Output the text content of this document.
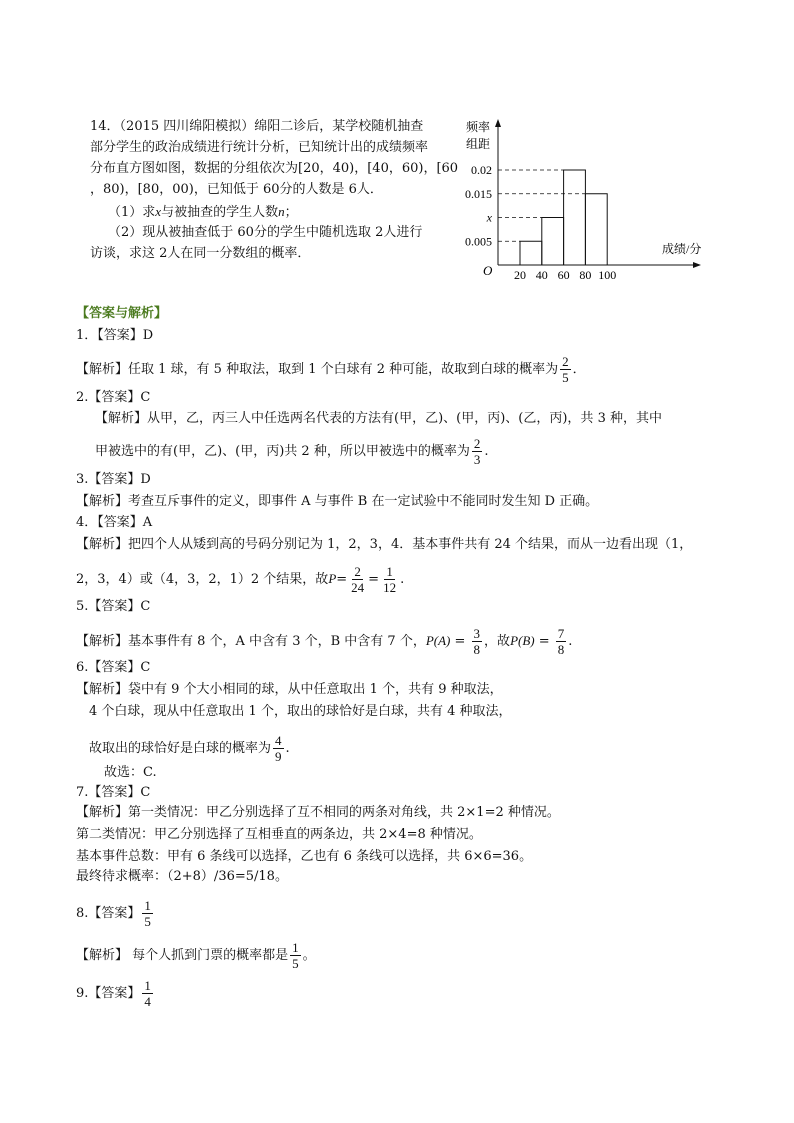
14．（2015 四川绵阳模拟）绵阳二诊后，某学校随机抽查
部分学生的政治成绩进行统计分析，已知统计出的成绩频率
分布直方图如图，数据的分组依次为[20，40)，[40，60)，[60
，80)，[80，00)，已知低于 60分的人数是 6人．
（1）求x与被抽查的学生人数n；
（2）现从被抽查低于 60分的学生中随机选取 2人进行
访谈，求这 2人在同一分数组的概率．
频率
组距
O
成绩/分
0.005
x
0.015
0.02
20 40 60 80 100
【答案与解析】
1．【答案】D
【解析】任取 1 球，有 5 种取法，取到 1 个白球有 2 种可能，故取到白球的概率为 $\frac{2}{5}$ ．
2.【答案】C
【解析】从甲，乙，丙三人中任选两名代表的方法有(甲，乙)、(甲，丙)、(乙，丙)，共 3 种，其中
甲被选中的有(甲，乙)、(甲，丙)共 2 种，所以甲被选中的概率为 $\frac{2}{3}$ .
3.【答案】D
【解析】考查互斥事件的定义，即事件 A 与事件 B 在一定试验中不能同时发生知 D 正确。
4．【答案】A
【解析】把四个人从矮到高的号码分别记为 1，2，3，4．基本事件共有 24 个结果，而从一边看出现（1，
2，3，4）或（4，3，2，1）2 个结果，故$P= \frac{2}{24} = \frac{1}{12}$ .
5.【答案】C
【解析】基本事件有 8 个，A 中含有 3 个，B 中含有 7 个，$P(A) = \frac{3}{8}$ ，故$P(B) = \frac{7}{8}$ .
6.【答案】C
【解析】袋中有 9 个大小相同的球，从中任意取出 1 个，共有 9 种取法，
4 个白球，现从中任意取出 1 个，取出的球恰好是白球，共有 4 种取法，
故取出的球恰好是白球的概率为 $\frac{4}{9}$ .
故选：C.
7.【答案】C
【解析】第一类情况：甲乙分别选择了互不相同的两条对角线，共 2×1=2 种情况。
第二类情况：甲乙分别选择了互相垂直的两条边，共 2×4=8 种情况。
基本事件总数：甲有 6 条线可以选择，乙也有 6 条线可以选择，共 6×6=36。
最终待求概率：（2+8）/36=5/18。
8.【答案】 $\frac{1}{5}$
【解析】 每个人抓到门票的概率都是 $\frac{1}{5}$ 。
9.【答案】 $\frac{1}{4}$
